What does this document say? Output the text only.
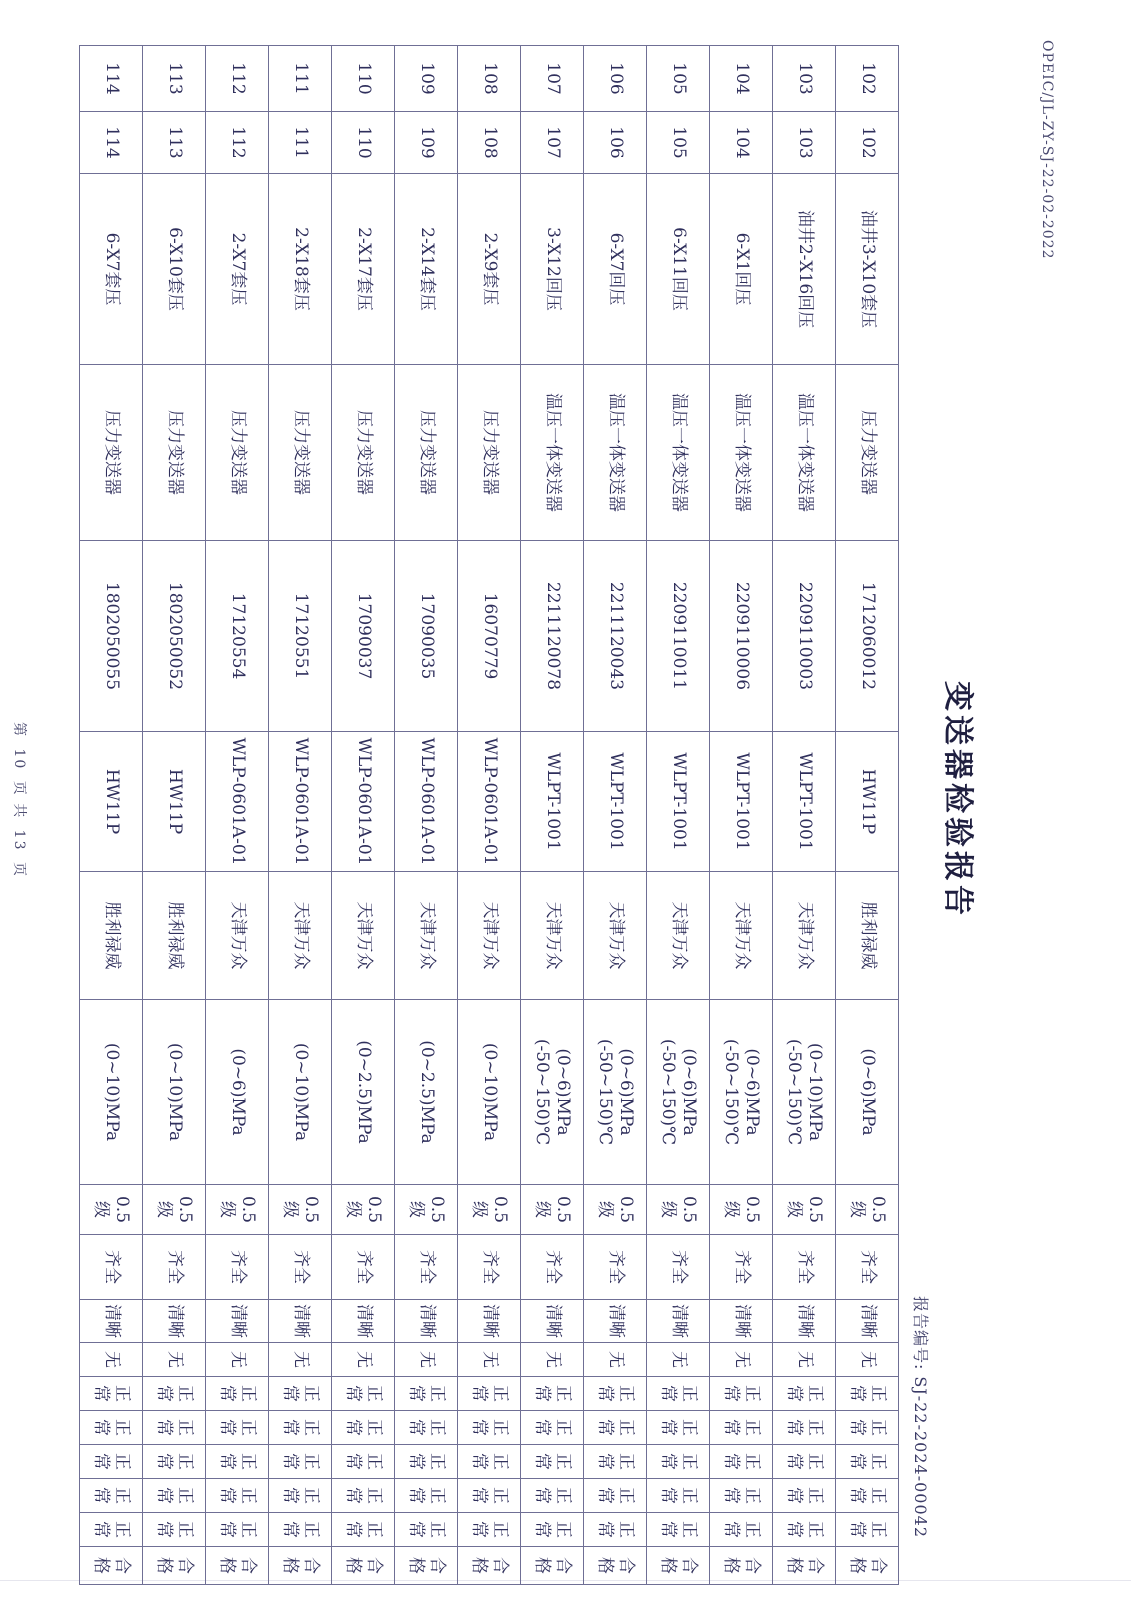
OPEIC/JL-ZY-SJ-22-02-2022
变送器检验报告
报告编号:SJ-22-2024-00042
102	102	油井3-X10套压	压力变送器	1712060012	HW11P	胜利禄威	(0~6)MPa	0.5级	齐全	清晰	无	正常	正常	正常	正常	正常	合格
103	103	油井2-X16回压	温压一体变送器	2209110003	WLPT-1001	天津万众	(0~10)MPa (-50~150)℃	0.5级	齐全	清晰	无	正常	正常	正常	正常	正常	合格
104	104	6-X1回压	温压一体变送器	2209110006	WLPT-1001	天津万众	(0~6)MPa (-50~150)℃	0.5级	齐全	清晰	无	正常	正常	正常	正常	正常	合格
105	105	6-X11回压	温压一体变送器	2209110011	WLPT-1001	天津万众	(0~6)MPa (-50~150)℃	0.5级	齐全	清晰	无	正常	正常	正常	正常	正常	合格
106	106	6-X7回压	温压一体变送器	2211120043	WLPT-1001	天津万众	(0~6)MPa (-50~150)℃	0.5级	齐全	清晰	无	正常	正常	正常	正常	正常	合格
107	107	3-X12回压	温压一体变送器	2211120078	WLPT-1001	天津万众	(0~6)MPa (-50~150)℃	0.5级	齐全	清晰	无	正常	正常	正常	正常	正常	合格
108	108	2-X9套压	压力变送器	16070779	WLP-0601A-01	天津万众	(0~10)MPa	0.5级	齐全	清晰	无	正常	正常	正常	正常	正常	合格
109	109	2-X14套压	压力变送器	17090035	WLP-0601A-01	天津万众	(0~2.5)MPa	0.5级	齐全	清晰	无	正常	正常	正常	正常	正常	合格
110	110	2-X17套压	压力变送器	17090037	WLP-0601A-01	天津万众	(0~2.5)MPa	0.5级	齐全	清晰	无	正常	正常	正常	正常	正常	合格
111	111	2-X18套压	压力变送器	17120551	WLP-0601A-01	天津万众	(0~10)MPa	0.5级	齐全	清晰	无	正常	正常	正常	正常	正常	合格
112	112	2-X7套压	压力变送器	17120554	WLP-0601A-01	天津万众	(0~6)MPa	0.5级	齐全	清晰	无	正常	正常	正常	正常	正常	合格
113	113	6-X10套压	压力变送器	1802050052	HW11P	胜利禄威	(0~10)MPa	0.5级	齐全	清晰	无	正常	正常	正常	正常	正常	合格
114	114	6-X7套压	压力变送器	1802050055	HW11P	胜利禄威	(0~10)MPa	0.5级	齐全	清晰	无	正常	正常	正常	正常	正常	合格
第 10 页 共 13 页
